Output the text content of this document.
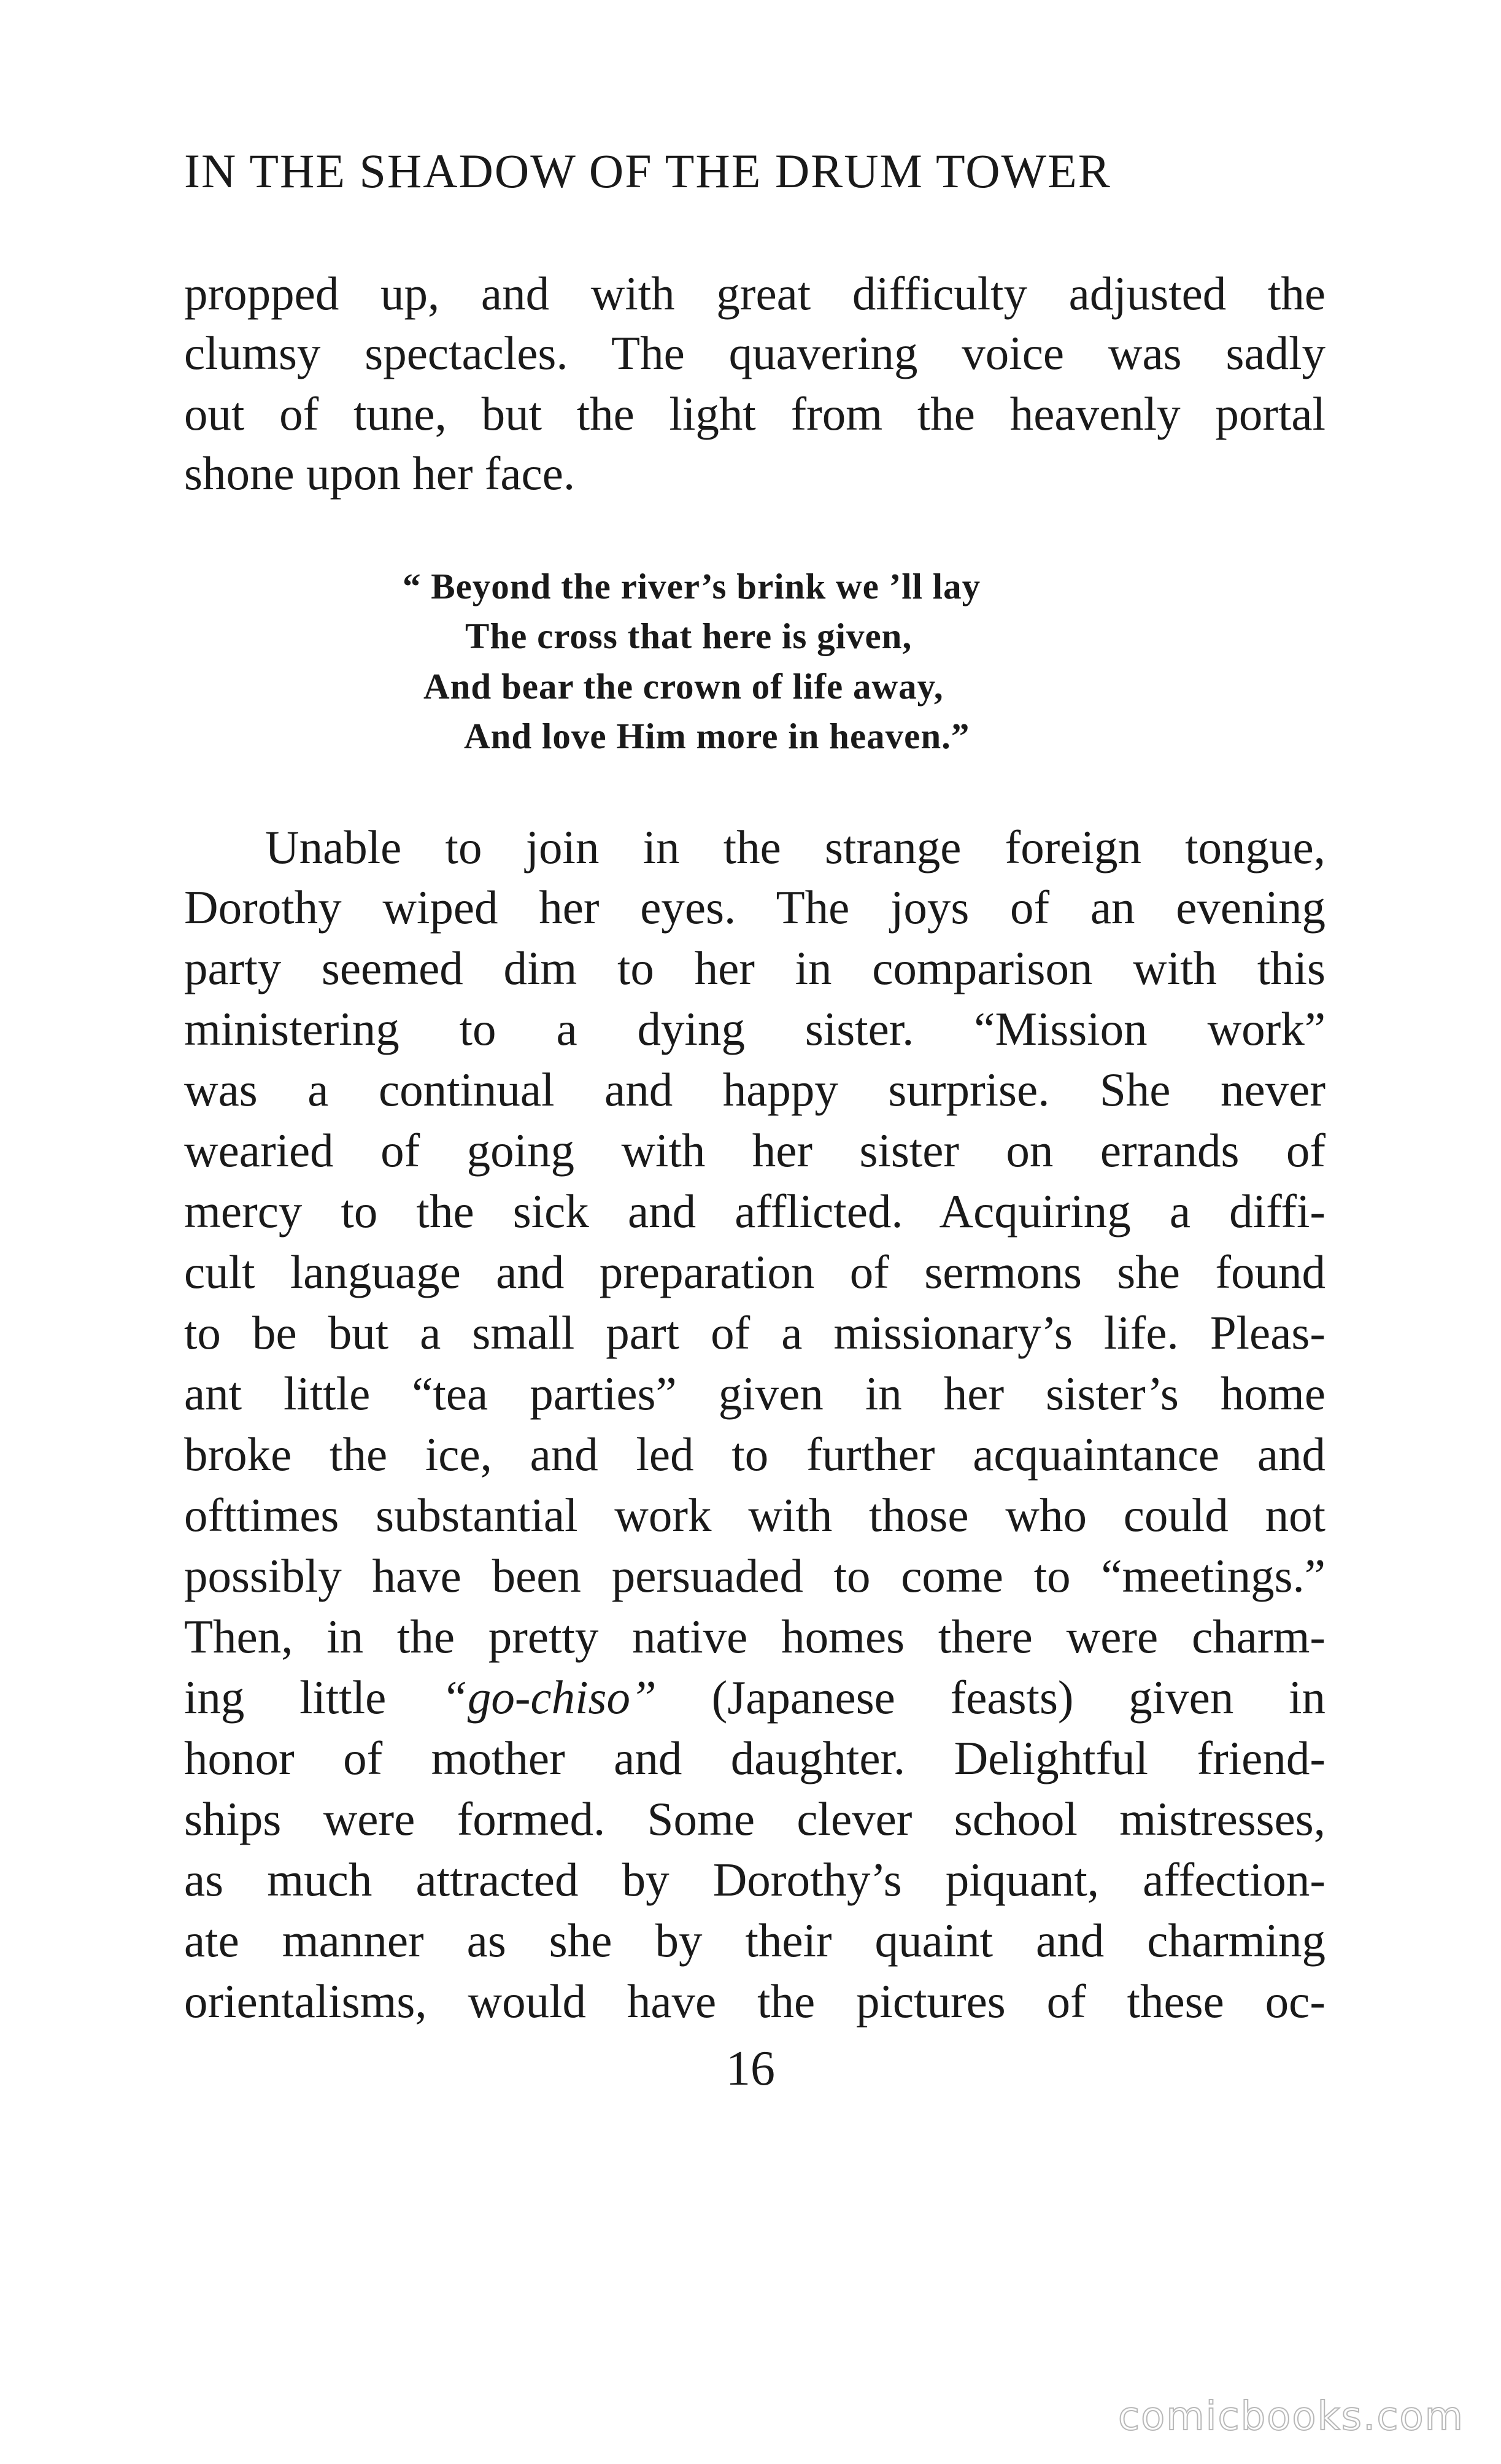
IN THE SHADOW OF THE DRUM TOWER
propped up, and with great difficulty adjusted the
clumsy spectacles. The quavering voice was sadly
out of tune, but the light from the heavenly portal
shone upon her face.
“ Beyond the river’s brink we ’ll lay
The cross that here is given,
And bear the crown of life away,
And love Him more in heaven.”
Unable to join in the strange foreign tongue,
Dorothy wiped her eyes. The joys of an evening
party seemed dim to her in comparison with this
ministering to a dying sister. “Mission work”
was a continual and happy surprise. She never
wearied of going with her sister on errands of
mercy to the sick and afflicted. Acquiring a diffi-
cult language and preparation of sermons she found
to be but a small part of a missionary’s life. Pleas-
ant little “tea parties” given in her sister’s home
broke the ice, and led to further acquaintance and
ofttimes substantial work with those who could not
possibly have been persuaded to come to “meetings.”
Then, in the pretty native homes there were charm-
ing little “go-chiso” (Japanese feasts) given in
honor of mother and daughter. Delightful friend-
ships were formed. Some clever school mistresses,
as much attracted by Dorothy’s piquant, affection-
ate manner as she by their quaint and charming
orientalisms, would have the pictures of these oc-
16
comicbooks.com
